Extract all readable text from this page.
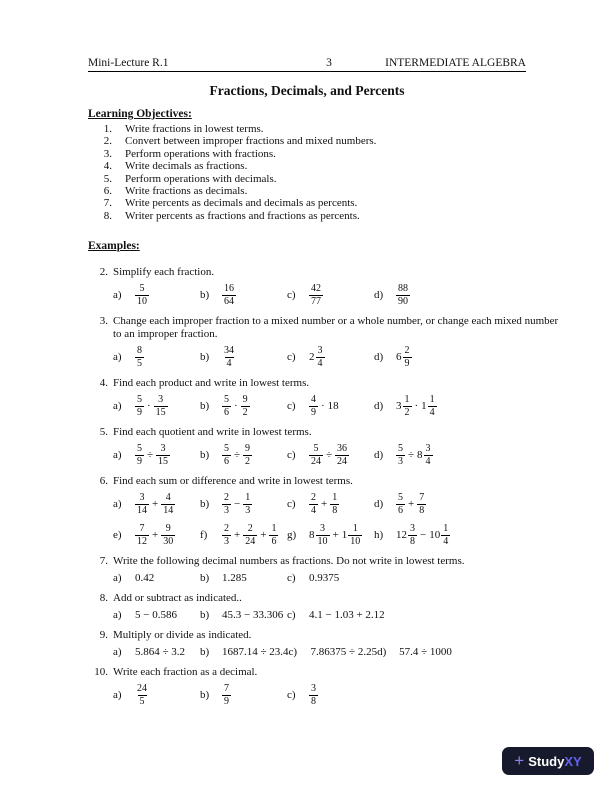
Mini-Lecture R.1	3	INTERMEDIATE ALGEBRA
Fractions, Decimals, and Percents
Learning Objectives:
1. Write fractions in lowest terms.
2. Convert between improper fractions and mixed numbers.
3. Perform operations with fractions.
4. Write decimals as fractions.
5. Perform operations with decimals.
6. Write fractions as decimals.
7. Write percents as decimals and decimals as percents.
8. Writer percents as fractions and fractions as percents.
Examples:
2. Simplify each fraction.
a)	$\frac{5}{10}$	b)	$\frac{16}{64}$	c)	$\frac{42}{77}$	d)	$\frac{88}{90}$
3. Change each improper fraction to a mixed number or a whole number, or change each mixed number to an improper fraction.
a)	$\frac{8}{5}$	b)	$\frac{34}{4}$	c)	$2 \frac{3}{4}$	d)	$6 \frac{2}{9}$
4. Find each product and write in lowest terms.
a)	$\frac{5}{9} \cdot \frac{3}{15}$	b)	$\frac{5}{6} \cdot \frac{9}{2}$	c)	$\frac{4}{9} \cdot 18$	d)	$3 \frac{1}{2} \cdot 1 \frac{1}{4}$
5. Find each quotient and write in lowest terms.
a)	$\frac{5}{9} \div \frac{3}{15}$	b)	$\frac{5}{6} \div \frac{9}{2}$	c)	$\frac{5}{24} \div \frac{36}{24} d$)	$\frac{5}{3} \div 8 \frac{3}{4}$
6. Find each sum or difference and write in lowest terms.
a)	$\frac{3}{14} + \frac{4}{14} b$)	$\frac{2}{3} - \frac{1}{3}$	c)	$\frac{2}{4} + \frac{1}{8}$	d)	$\frac{5}{6} + \frac{7}{8}$
e)	$\frac{7}{12} + \frac{9}{30} f$)	$\frac{2}{3} + \frac{2}{24} + \frac{1}{6} g$)	$8 \frac{3}{10} + 1 \frac{1}{10} h$)	$12 \frac{3}{8} - 10 \frac{1}{4}$
7. Write the following decimal numbers as fractions. Do not write in lowest terms.
a)	0.42	b)	1.285	c)	0.9375
8. Add or subtract as indicated..
a)	5 − 0.586 b)	45.3 − 33.306 c)	4.1 − 1.03 + 2.12
9. Multiply or divide as indicated.
a)	5.864 ÷ 3.2 b)	1687.14 ÷ 23.4 c)	7.86375 ÷ 2.25 d)	57.4 ÷ 1000
10. Write each fraction as a decimal.
a)	$\frac{24}{5}$	b)	$\frac{7}{9}$	c)	$\frac{3}{8}$
+ StudyXY
